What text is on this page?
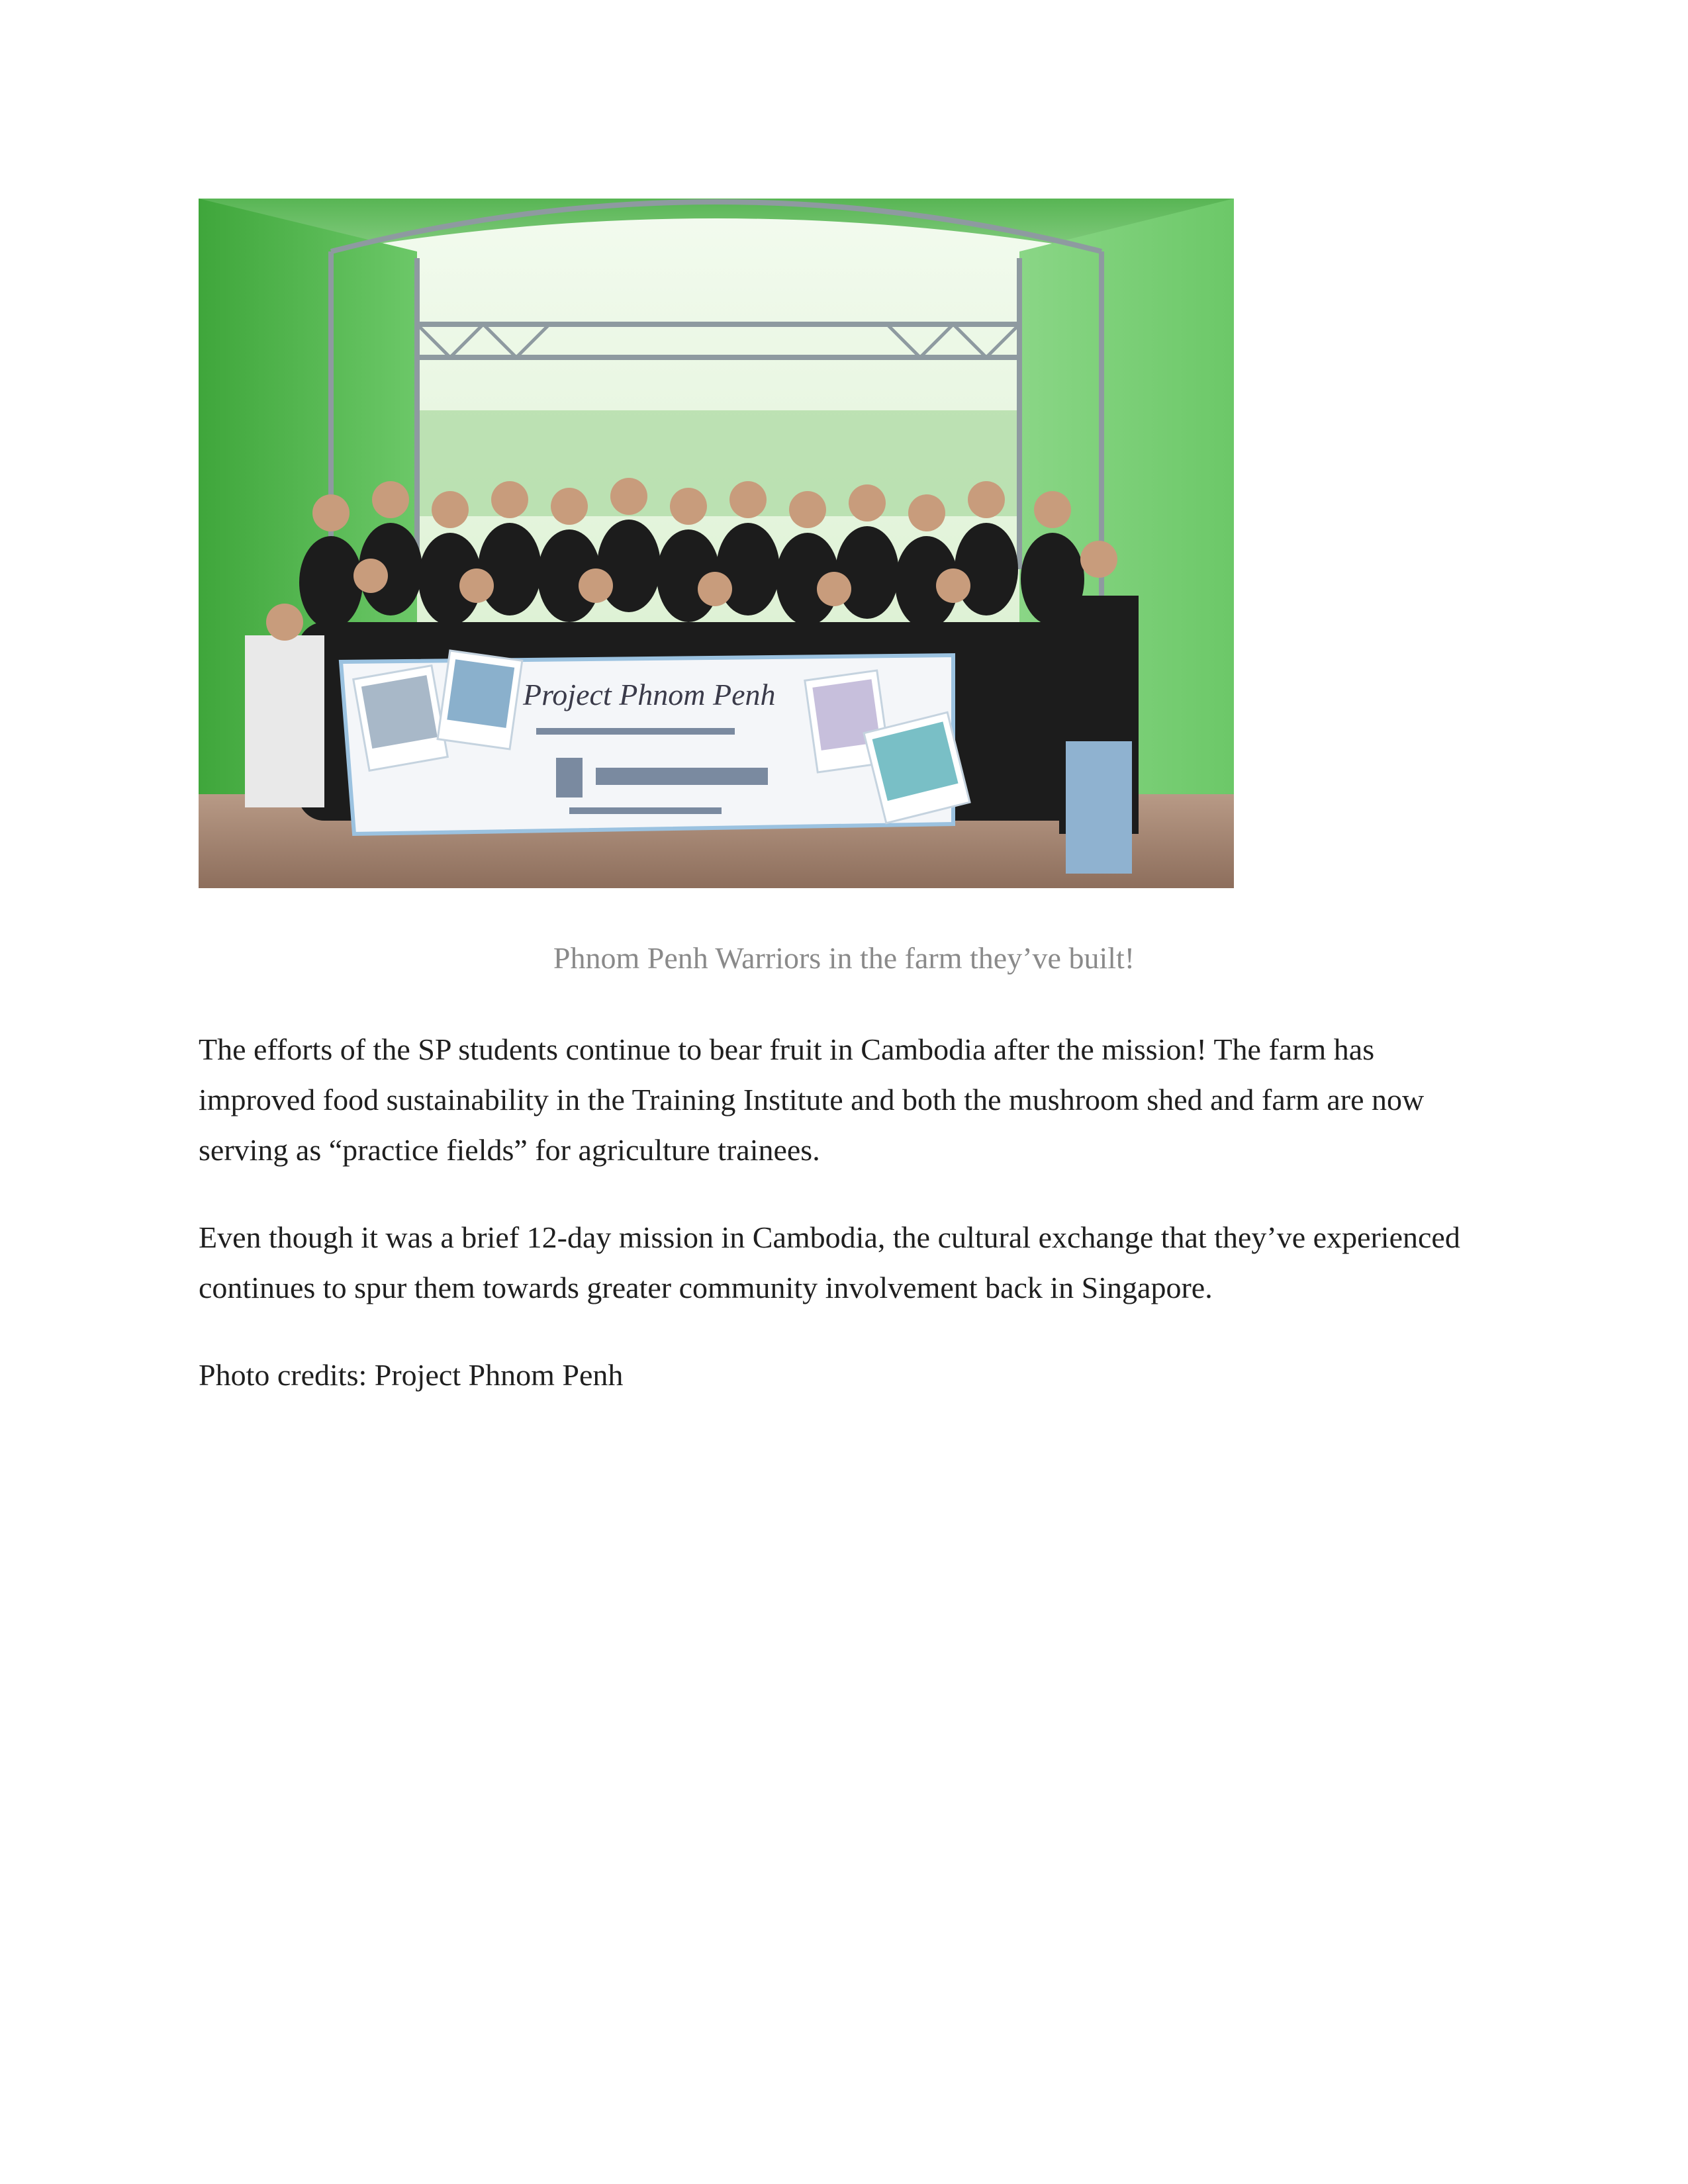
Project Phnom Penh
Phnom Penh Warriors in the farm they’ve built!

The efforts of the SP students continue to bear fruit in Cambodia after the mission! The farm has improved food sustainability in the Training Institute and both the mushroom shed and farm are now serving as “practice fields” for agriculture trainees.

Even though it was a brief 12-day mission in Cambodia, the cultural exchange that they’ve experienced continues to spur them towards greater community involvement back in Singapore.

Photo credits: Project Phnom Penh
